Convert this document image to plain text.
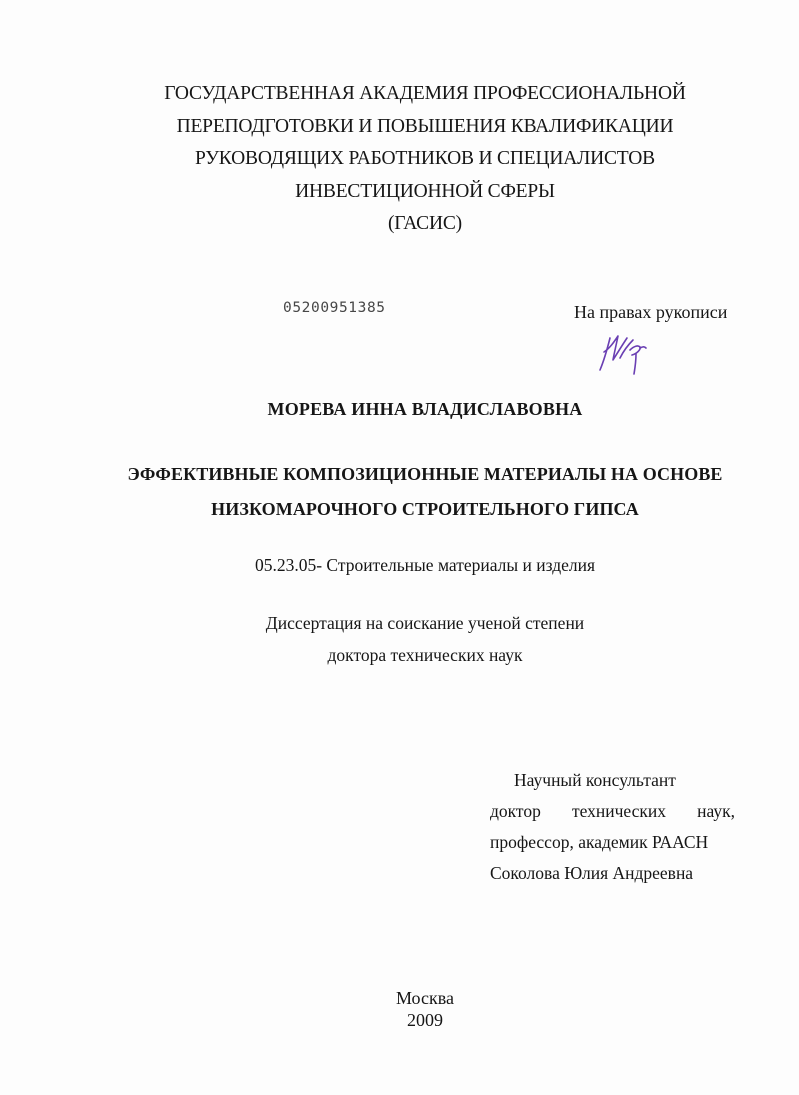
ГОСУДАРСТВЕННАЯ АКАДЕМИЯ ПРОФЕССИОНАЛЬНОЙ
ПЕРЕПОДГОТОВКИ И ПОВЫШЕНИЯ КВАЛИФИКАЦИИ
РУКОВОДЯЩИХ РАБОТНИКОВ И СПЕЦИАЛИСТОВ
ИНВЕСТИЦИОННОЙ СФЕРЫ
(ГАСИС)
05200951385	На правах рукописи
МОРЕВА ИННА ВЛАДИСЛАВОВНА
ЭФФЕКТИВНЫЕ КОМПОЗИЦИОННЫЕ МАТЕРИАЛЫ НА ОСНОВЕ
НИЗКОМАРОЧНОГО СТРОИТЕЛЬНОГО ГИПСА
05.23.05- Строительные материалы и изделия
Диссертация на соискание ученой степени
доктора технических наук
Научный консультант
доктор технических наук,
профессор, академик РААСН
Соколова Юлия Андреевна
Москва
2009
